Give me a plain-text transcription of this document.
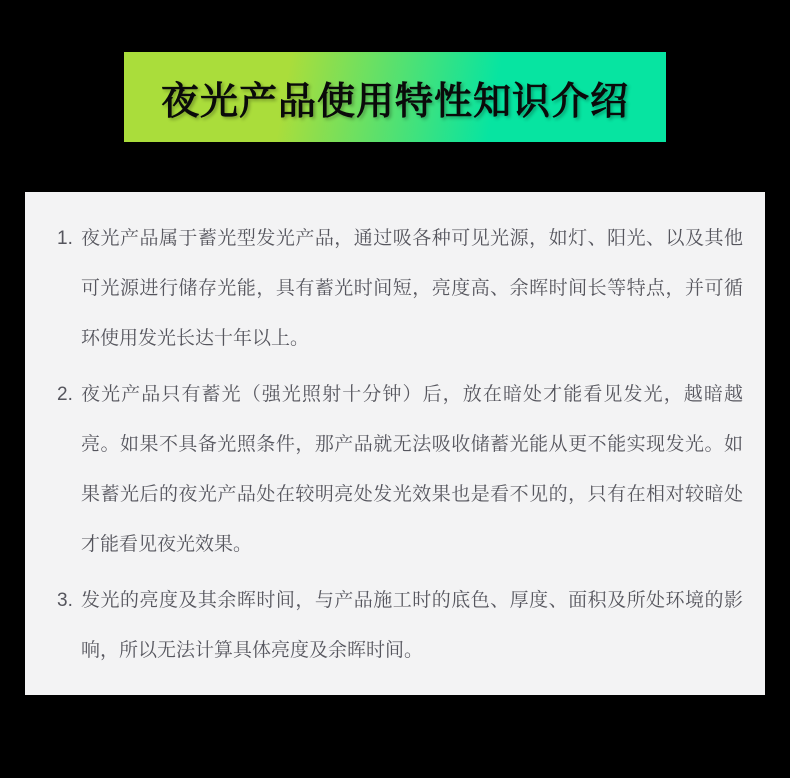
夜光产品使用特性知识介绍
1. 夜光产品属于蓄光型发光产品，通过吸各种可见光源，如灯、阳光、以及其他可光源进行储存光能，具有蓄光时间短，亮度高、余晖时间长等特点，并可循环使用发光长达十年以上。

2. 夜光产品只有蓄光（强光照射十分钟）后，放在暗处才能看见发光，越暗越亮。如果不具备光照条件，那产品就无法吸收储蓄光能从更不能实现发光。如果蓄光后的夜光产品处在较明亮处发光效果也是看不见的，只有在相对较暗处才能看见夜光效果。

3. 发光的亮度及其余晖时间，与产品施工时的底色、厚度、面积及所处环境的影响，所以无法计算具体亮度及余晖时间。
